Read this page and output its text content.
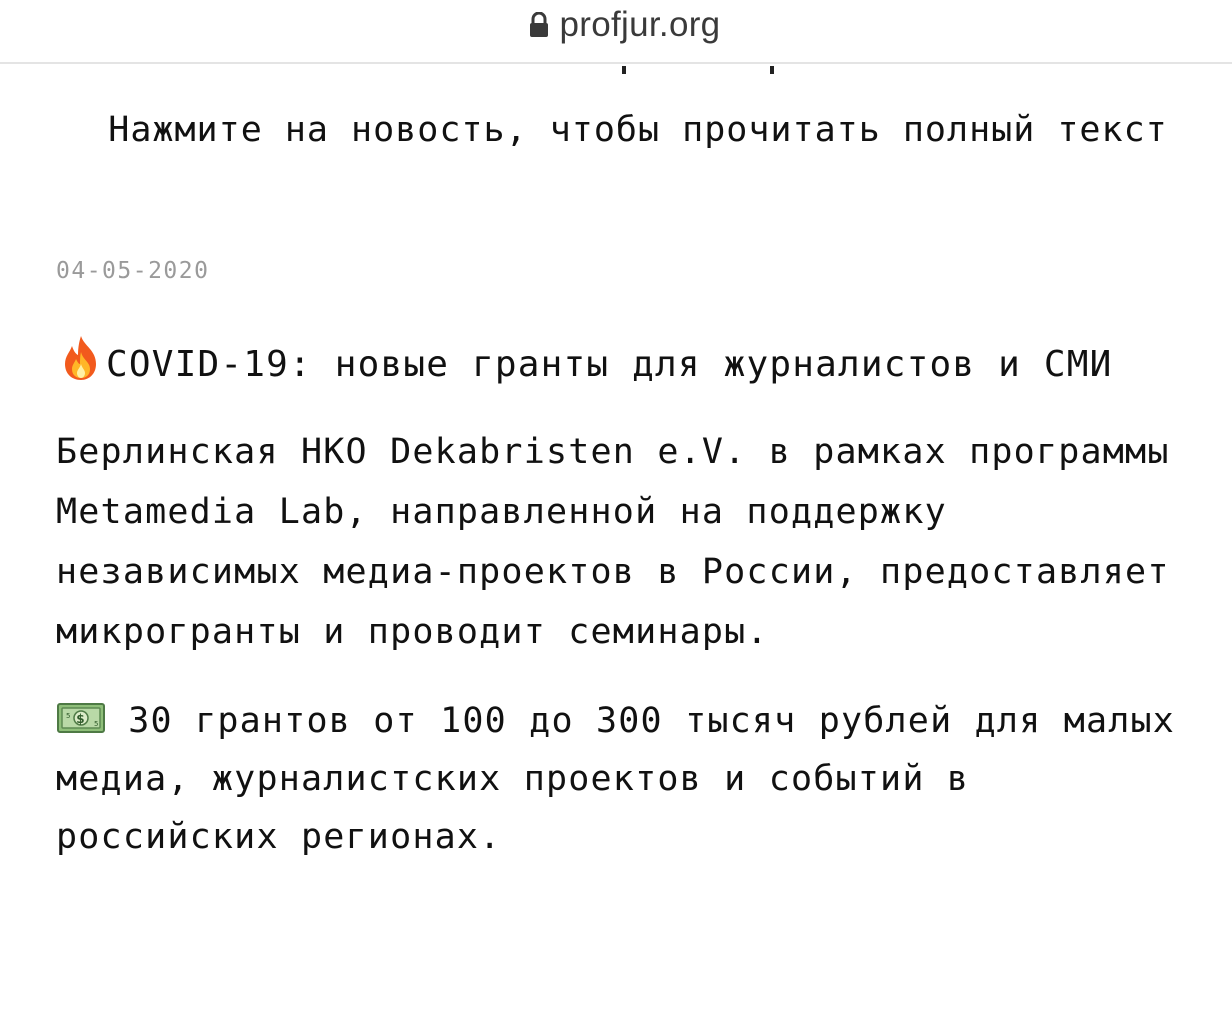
profjur.org

Нажмите на новость, чтобы прочитать полный текст

04-05-2020
COVID-19: новые гранты для журналистов и СМИ
Берлинская НКО Dekabristen e.V. в рамках программы Metamedia Lab, направленной на поддержку независимых медиа-проектов в России, предоставляет микрогранты и проводит семинары.
$
5
5 30 грантов от 100 до 300 тысяч рублей для малых медиа, журналистских проектов и событий в российских регионах.
